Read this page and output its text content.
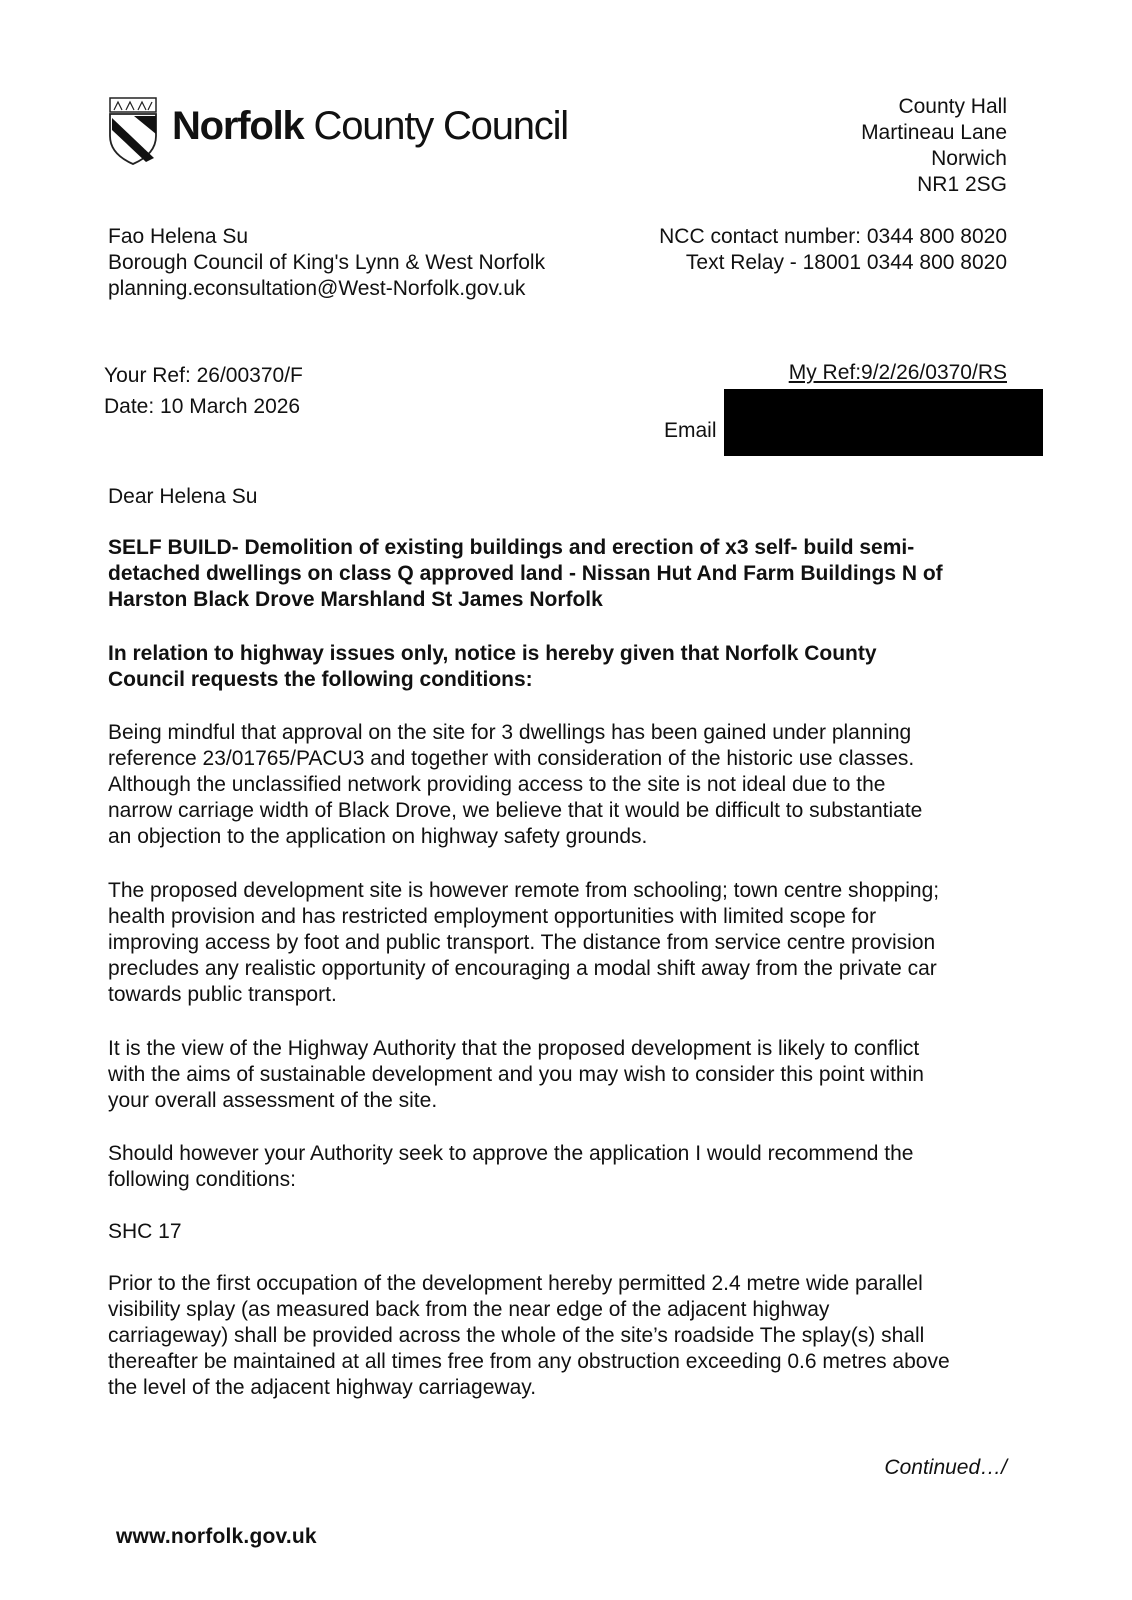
Norfolk County Council	County Hall
Martineau Lane
Norwich
NR1 2SG
Fao Helena Su
Borough Council of King's Lynn & West Norfolk
planning.econsultation@West-Norfolk.gov.uk
NCC contact number: 0344 800 8020
Text Relay - 18001 0344 800 8020
Your Ref: 26/00370/F
Date: 10 March 2026
My Ref:9/2/26/0370/RS
Email
Dear Helena Su
SELF BUILD- Demolition of existing buildings and erection of x3 self- build semi-
detached dwellings on class Q approved land - Nissan Hut And Farm Buildings N of
Harston Black Drove Marshland St James Norfolk
In relation to highway issues only, notice is hereby given that Norfolk County
Council requests the following conditions:
Being mindful that approval on the site for 3 dwellings has been gained under planning
reference 23/01765/PACU3 and together with consideration of the historic use classes.
Although the unclassified network providing access to the site is not ideal due to the
narrow carriage width of Black Drove, we believe that it would be difficult to substantiate
an objection to the application on highway safety grounds.
The proposed development site is however remote from schooling; town centre shopping;
health provision and has restricted employment opportunities with limited scope for
improving access by foot and public transport. The distance from service centre provision
precludes any realistic opportunity of encouraging a modal shift away from the private car
towards public transport.
It is the view of the Highway Authority that the proposed development is likely to conflict
with the aims of sustainable development and you may wish to consider this point within
your overall assessment of the site.
Should however your Authority seek to approve the application I would recommend the
following conditions:
SHC 17
Prior to the first occupation of the development hereby permitted 2.4 metre wide parallel
visibility splay (as measured back from the near edge of the adjacent highway
carriageway) shall be provided across the whole of the site’s roadside The splay(s) shall
thereafter be maintained at all times free from any obstruction exceeding 0.6 metres above
the level of the adjacent highway carriageway.
Continued…/
www.norfolk.gov.uk
